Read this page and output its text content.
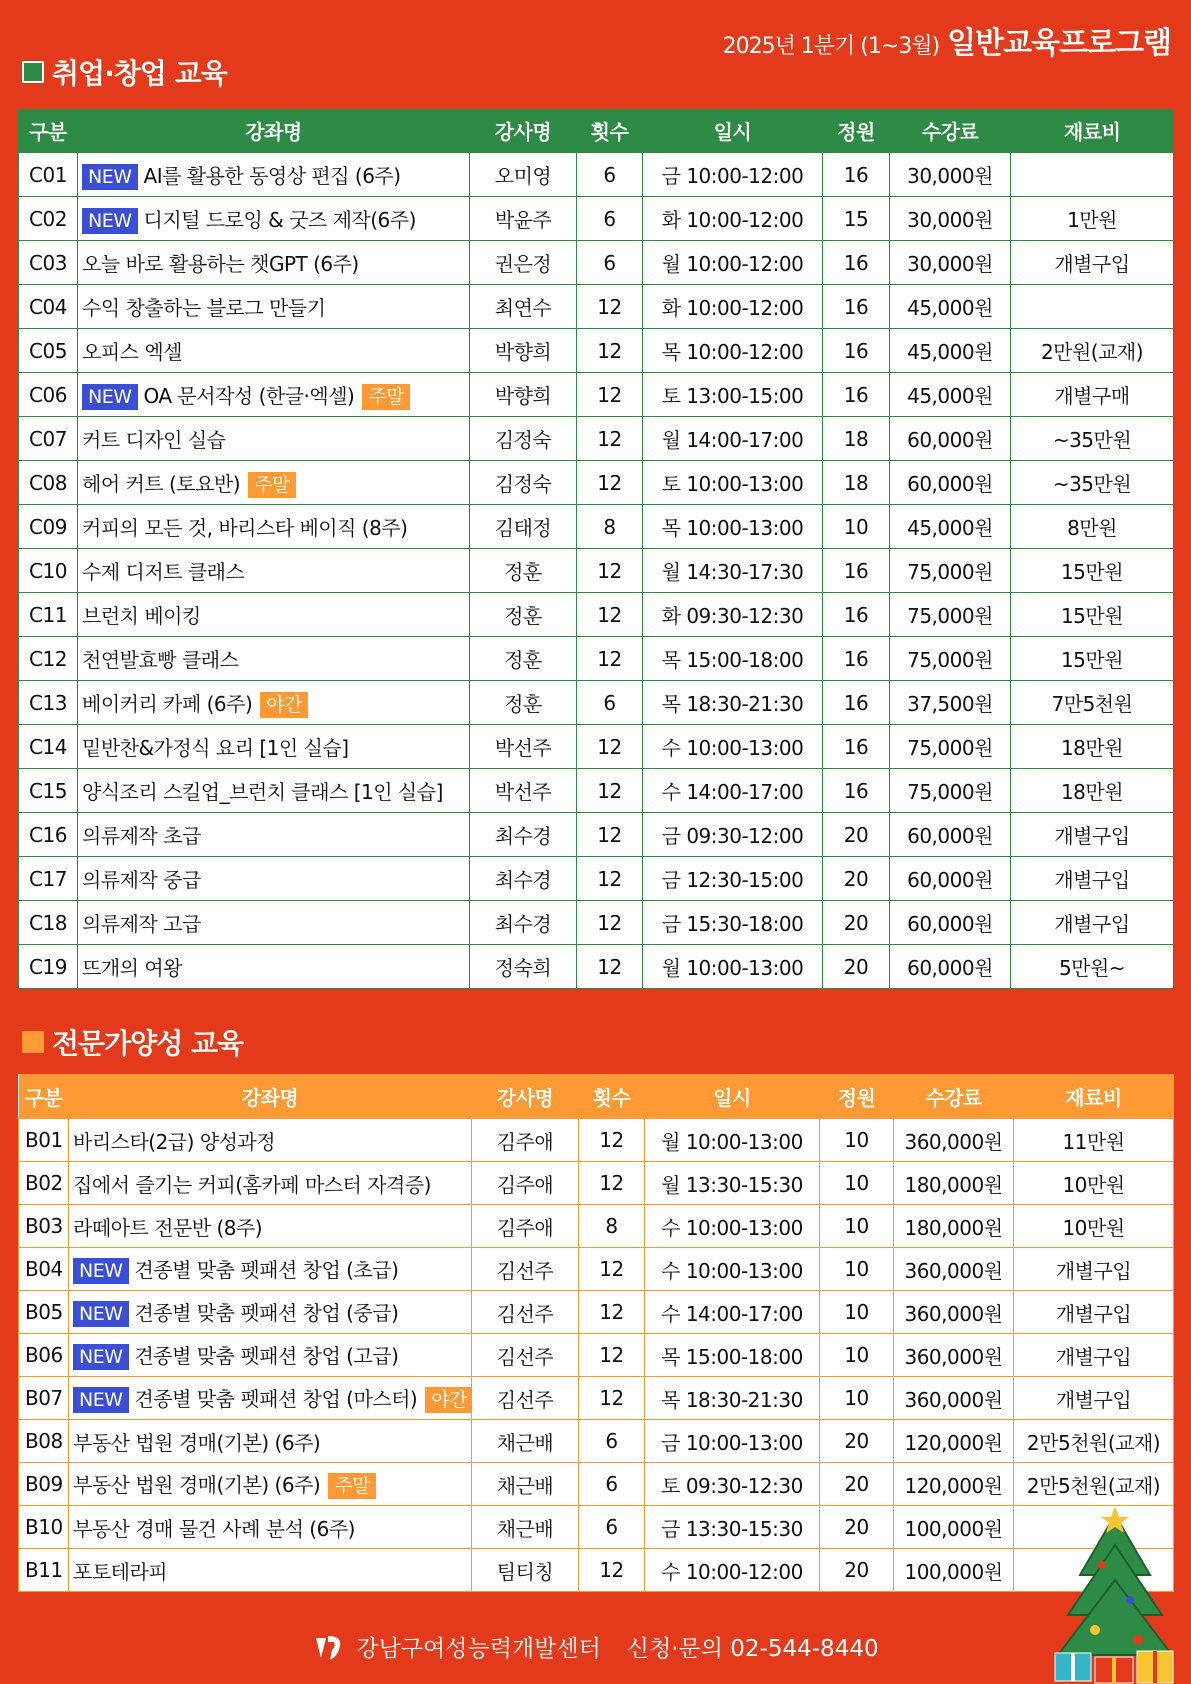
2025년 1분기 (1~3월) 일반교육프로그램
취업·창업 교육
구분	강좌명	강사명	횟수	일시	정원	수강료	재료비
C01	NEW AI를 활용한 동영상 편집 (6주)	오미영	6	금 10:00-12:00	16	30,000원	
C02	NEW 디지털 드로잉 & 굿즈 제작(6주)	박윤주	6	화 10:00-12:00	15	30,000원	1만원
C03	오늘 바로 활용하는 챗GPT (6주)	권은정	6	월 10:00-12:00	16	30,000원	개별구입
C04	수익 창출하는 블로그 만들기	최연수	12	화 10:00-12:00	16	45,000원	
C05	오피스 엑셀	박향희	12	목 10:00-12:00	16	45,000원	2만원(교재)
C06	NEW OA 문서작성 (한글·엑셀) 주말	박향희	12	토 13:00-15:00	16	45,000원	개별구매
C07	커트 디자인 실습	김정숙	12	월 14:00-17:00	18	60,000원	~35만원
C08	헤어 커트 (토요반) 주말	김정숙	12	토 10:00-13:00	18	60,000원	~35만원
C09	커피의 모든 것, 바리스타 베이직 (8주)	김태정	8	목 10:00-13:00	10	45,000원	8만원
C10	수제 디저트 클래스	정훈	12	월 14:30-17:30	16	75,000원	15만원
C11	브런치 베이킹	정훈	12	화 09:30-12:30	16	75,000원	15만원
C12	천연발효빵 클래스	정훈	12	목 15:00-18:00	16	75,000원	15만원
C13	베이커리 카페 (6주) 야간	정훈	6	목 18:30-21:30	16	37,500원	7만5천원
C14	밑반찬&가정식 요리 [1인 실습]	박선주	12	수 10:00-13:00	16	75,000원	18만원
C15	양식조리 스킬업_브런치 클래스 [1인 실습]	박선주	12	수 14:00-17:00	16	75,000원	18만원
C16	의류제작 초급	최수경	12	금 09:30-12:00	20	60,000원	개별구입
C17	의류제작 중급	최수경	12	금 12:30-15:00	20	60,000원	개별구입
C18	의류제작 고급	최수경	12	금 15:30-18:00	20	60,000원	개별구입
C19	뜨개의 여왕	정숙희	12	월 10:00-13:00	20	60,000원	5만원~
전문가양성 교육
구분	강좌명	강사명	횟수	일시	정원	수강료	재료비
B01	바리스타(2급) 양성과정	김주애	12	월 10:00-13:00	10	360,000원	11만원
B02	집에서 즐기는 커피(홈카페 마스터 자격증)	김주애	12	월 13:30-15:30	10	180,000원	10만원
B03	라떼아트 전문반 (8주)	김주애	8	수 10:00-13:00	10	180,000원	10만원
B04	NEW 견종별 맞춤 펫패션 창업 (초급)	김선주	12	수 10:00-13:00	10	360,000원	개별구입
B05	NEW 견종별 맞춤 펫패션 창업 (중급)	김선주	12	수 14:00-17:00	10	360,000원	개별구입
B06	NEW 견종별 맞춤 펫패션 창업 (고급)	김선주	12	목 15:00-18:00	10	360,000원	개별구입
B07	NEW 견종별 맞춤 펫패션 창업 (마스터) 야간	김선주	12	목 18:30-21:30	10	360,000원	개별구입
B08	부동산 법원 경매(기본) (6주)	채근배	6	금 10:00-13:00	20	120,000원	2만5천원(교재)
B09	부동산 법원 경매(기본) (6주) 주말	채근배	6	토 09:30-12:30	20	120,000원	2만5천원(교재)
B10	부동산 경매 물건 사례 분석 (6주)	채근배	6	금 13:30-15:30	20	100,000원	
B11	포토테라피	팀티칭	12	수 10:00-12:00	20	100,000원	
강남구여성능력개발센터 신청·문의 02-544-8440
